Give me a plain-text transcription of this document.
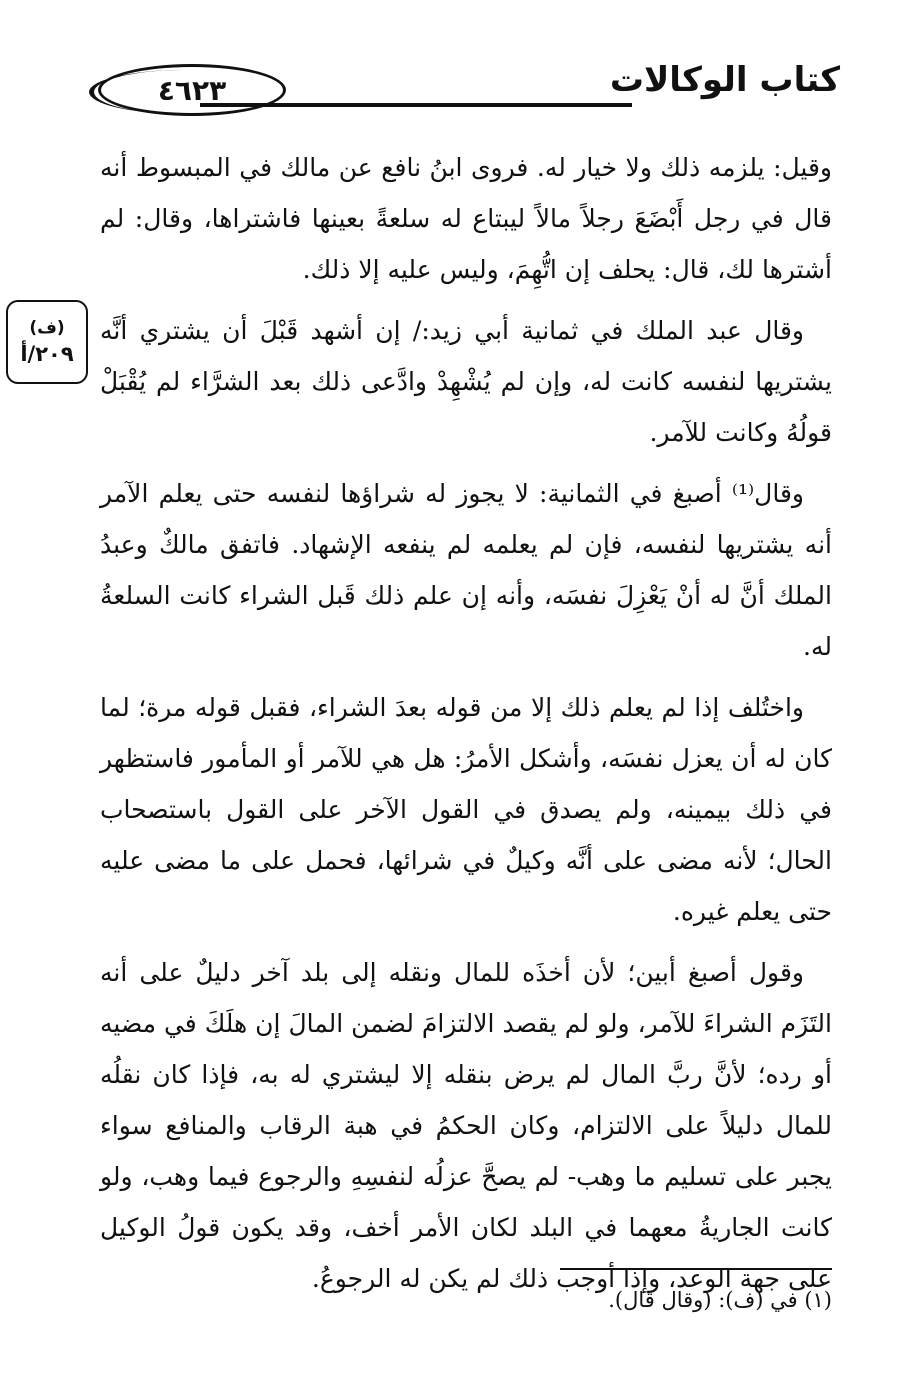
كتاب الوكالات
٤٦٢٣
(ف)
٢٠٩/أ

وقيل: يلزمه ذلك ولا خيار له. فروى ابنُ نافع عن مالك في المبسوط أنه قال في رجل أَبْضَعَ رجلاً مالاً ليبتاع له سلعةً بعينها فاشتراها، وقال: لم أشترها لك، قال: يحلف إن اتُّهِمَ، وليس عليه إلا ذلك.

وقال عبد الملك في ثمانية أبي زيد:/ إن أشهد قَبْلَ أن يشتري أنَّه يشتريها لنفسه كانت له، وإن لم يُشْهِدْ وادَّعى ذلك بعد الشرَّاء لم يُقْبَلْ قولُهُ وكانت للآمر.

وقال⁽¹⁾ أصبغ في الثمانية: لا يجوز له شراؤها لنفسه حتى يعلم الآمر أنه يشتريها لنفسه، فإن لم يعلمه لم ينفعه الإشهاد. فاتفق مالكٌ وعبدُ الملك أنَّ له أنْ يَعْزِلَ نفسَه، وأنه إن علم ذلك قَبل الشراء كانت السلعةُ له.

واختُلف إذا لم يعلم ذلك إلا من قوله بعدَ الشراء، فقبل قوله مرة؛ لما كان له أن يعزل نفسَه، وأشكل الأمرُ: هل هي للآمر أو المأمور فاستظهر في ذلك بيمينه، ولم يصدق في القول الآخر على القول باستصحاب الحال؛ لأنه مضى على أنَّه وكيلٌ في شرائها، فحمل على ما مضى عليه حتى يعلم غيره.

وقول أصبغ أبين؛ لأن أخذَه للمال ونقله إلى بلد آخر دليلٌ على أنه التَزَم الشراءَ للآمر، ولو لم يقصد الالتزامَ لضمن المالَ إن هلَكَ في مضيه أو رده؛ لأنَّ ربَّ المال لم يرض بنقله إلا ليشتري له به، فإذا كان نقلُه للمال دليلاً على الالتزام، وكان الحكمُ في هبة الرقاب والمنافع سواء يجبر على تسليم ما وهب- لم يصحَّ عزلُه لنفسِهِ والرجوع فيما وهب، ولو كانت الجاريةُ معهما في البلد لكان الأمر أخف، وقد يكون قولُ الوكيل على جهة الوعد، وإذا أوجب ذلك لم يكن له الرجوعُ.

(١) في (ف): (وقال قال).
